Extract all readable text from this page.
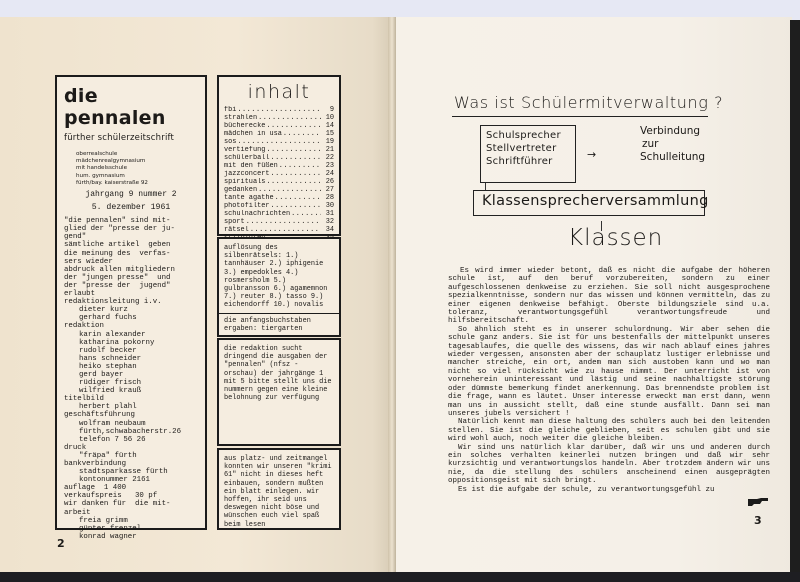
die pennalen
fürther schülerzeitschrift
oberrealschule
mädchenrealgymnasium
mit handelsschule
hum. gymnasium
fürth/bay. kaiserstraße 92
jahrgang 9 nummer 2
5. dezember 1961
"die pennalen" sind mit-
glied der "presse der ju-
gend"
sämtliche artikel  geben
die meinung des  verfas-
sers wieder
abdruck allen mitgliedern
der "jungen presse"  und
der "presse der  jugend"
erlaubt
redaktionsleitung i.v.
dieter kurz
gerhard fuchs
redaktion
karin alexander
katharina pokorny
rudolf becker
hans schneider
heiko stephan
gerd bayer
rüdiger frisch
wilfried krauß
titelbild
herbert plahl
geschäftsführung
wolfram neubaum
fürth,schwabacherstr.26
telefon 7 56 26
druck
"fräpa" fürth
bankverbindung
stadtsparkasse fürth
kontonummer 2161
auflage  1 400
verkaufspreis   30 pf
wir danken für  die mit-
arbeit
freia grimm
günter frenzel
konrad wagner
inhalt
fbi .....	9
strahlen .....	10
bücherecke .....	14
mädchen in usa .....	15
sos .....	19
vertiefung .....	21
schülerball .....	22
mit den füßen .....	23
jazzconcert .....	24
spirituals .....	26
gedanken .....	27
tante agathe .....	28
photofilter .....	30
schulnachrichten .....	31
sport .....	32
rätsel .....	34
.....
auflösung des silbenrätsels: 1.) tannhäuser 2.) iphigenie 3.) empedokles 4.) rosmersholm 5.) gulbransson 6.) agamemnon 7.) reuter 8.) tasso 9.) eichendorff 10.) novalis
die anfangsbuchstaben ergaben: tiergarten
die redaktion sucht dringend die ausgaben der "pennalen" (nfsz - orschau) der jahrgänge 1 mit 5 bitte stellt uns die nummern gegen eine kleine belohnung zur verfügung
aus platz- und zeitmangel konnten wir unseren "krimi 61" nicht in dieses heft einbauen, sondern mußten ein blatt einlegen. wir hoffen, ihr seid uns deswegen nicht böse und wünschen euch viel spaß beim lesen
2
Was ist Schülermitverwaltung ?
Schulsprecher
Stellvertreter
Schriftführer
→
Verbindung
zur
Schulleitung
Klassensprecherversammlung
Klassen

Es wird immer wieder betont, daß es nicht die aufgabe der höheren schule ist, auf den beruf vorzubereiten, sondern zu einer aufgeschlossenen denkweise zu erziehen. Sie soll nicht ausgesprochene spezialkenntnisse, sondern nur das wissen und können vermitteln, das zu einer eigenen denkweise befähigt. Oberste bildungsziele sind u.a. toleranz, verantwortungsgefühl verantwortungsfreude und hilfsbereitschaft.

So ähnlich steht es in unserer schulordnung. Wir aber sehen die schule ganz anders. Sie ist für uns bestenfalls der mittelpunkt unseres tagesablaufes, die quelle des wissens, das wir nach ablauf eines jahres wieder vergessen, ansonsten aber der schauplatz lustiger erlebnisse und mancher streiche, ein ort, andem man sich austoben kann und wo man nicht so viel rücksicht wie zu hause nimmt. Der unterricht ist von vorneherein uninteressant und lästig und seine nachhaltigste störung oder dümmste bemerkung findet anerkennung. Das brennendste problem ist die frage, wann es läutet. Unser interesse erweckt man erst dann, wenn man uns in aussicht stellt, daß eine stunde ausfällt. Dann sei man unseres jubels versichert !

Natürlich kennt man diese haltung des schülers auch bei den leitenden stellen. Sie ist die gleiche geblieben, seit es schulen gibt und sie wird wohl auch, noch weiter die gleiche bleiben.

Wir sind uns natürlich klar darüber, daß wir uns und anderen durch ein solches verhalten keinerlei nutzen bringen und daß wir sehr kurzsichtig und verantwortungslos handeln. Aber trotzdem ändern wir uns nie, da die stellung des schülers anscheinend einen ausgeprägten oppositionsgeist mit sich bringt.

Es ist die aufgabe der schule, zu verantwortungsgefühl zu

3
